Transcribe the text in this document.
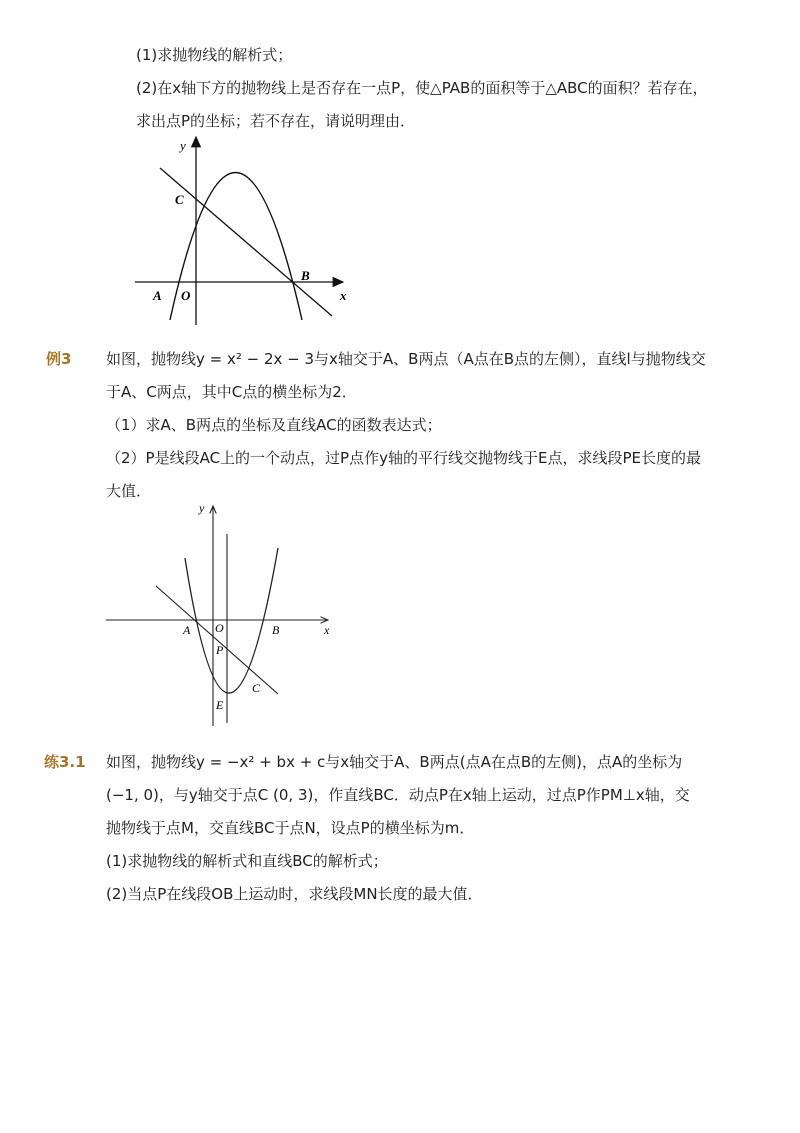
(1)求抛物线的解析式；
(2)在x轴下方的抛物线上是否存在一点P，使△PAB的面积等于△ABC的面积？若存在，
求出点P的坐标；若不存在，请说明理由．
y
C
B
A O	x
例3 如图，抛物线y = x² − 2x − 3与x轴交于A、B两点（A点在B点的左侧），直线l与抛物线交
于A、C两点，其中C点的横坐标为2．
（1）求A、B两点的坐标及直线AC的函数表达式；
（2）P是线段AC上的一个动点，过P点作y轴的平行线交抛物线于E点，求线段PE长度的最
大值．
y
x
A O	B
P
C
E
练3.1 如图，抛物线y = −x² + bx + c与x轴交于A、B两点(点A在点B的左侧)，点A的坐标为
(−1, 0)，与y轴交于点C (0, 3)，作直线BC．动点P在x轴上运动，过点P作PM⊥x轴，交
抛物线于点M，交直线BC于点N，设点P的横坐标为m．
(1)求抛物线的解析式和直线BC的解析式；
(2)当点P在线段OB上运动时，求线段MN长度的最大值．
